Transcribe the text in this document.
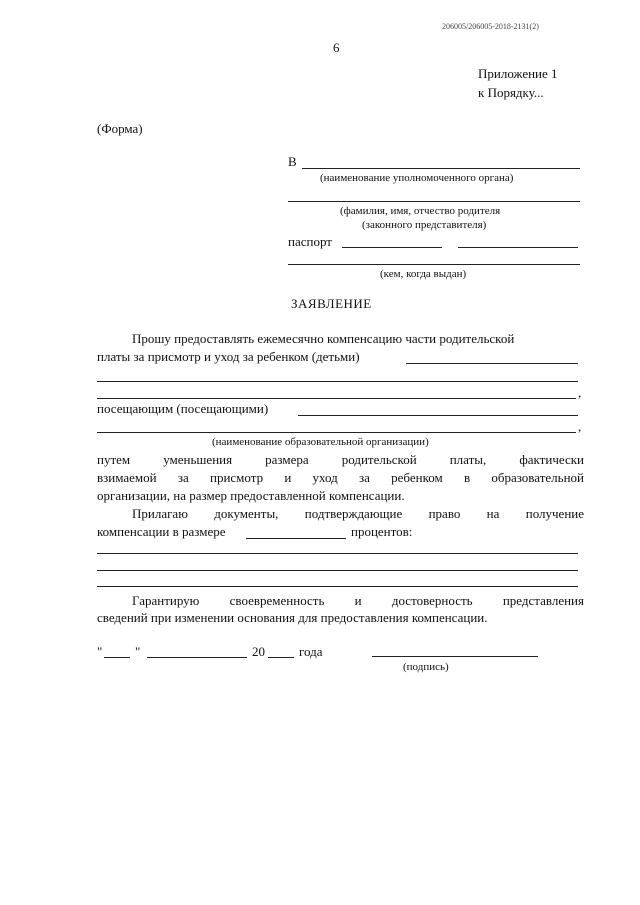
206005/206005-2018-2131(2)
6
Приложение 1
к Порядку...
(Форма)
В
(наименование уполномоченного органа)
(фамилия, имя, отчество родителя
(законного представителя)
паспорт
(кем, когда выдан)
ЗАЯВЛЕНИЕ
Прошу предоставлять ежемесячно компенсацию части родительской
платы за присмотр и уход за ребенком (детьми)
,
посещающим (посещающими)
,
(наименование образовательной организации)
путем уменьшения размера родительской платы, фактически
взимаемой за присмотр и уход за ребенком в образовательной
организации, на размер предоставленной компенсации.
Прилагаю документы, подтверждающие право на получение
компенсации в размере	процентов:
Гарантирую своевременность и достоверность представления
сведений при изменении основания для предоставления компенсации.
"	"	20	года
(подпись)
